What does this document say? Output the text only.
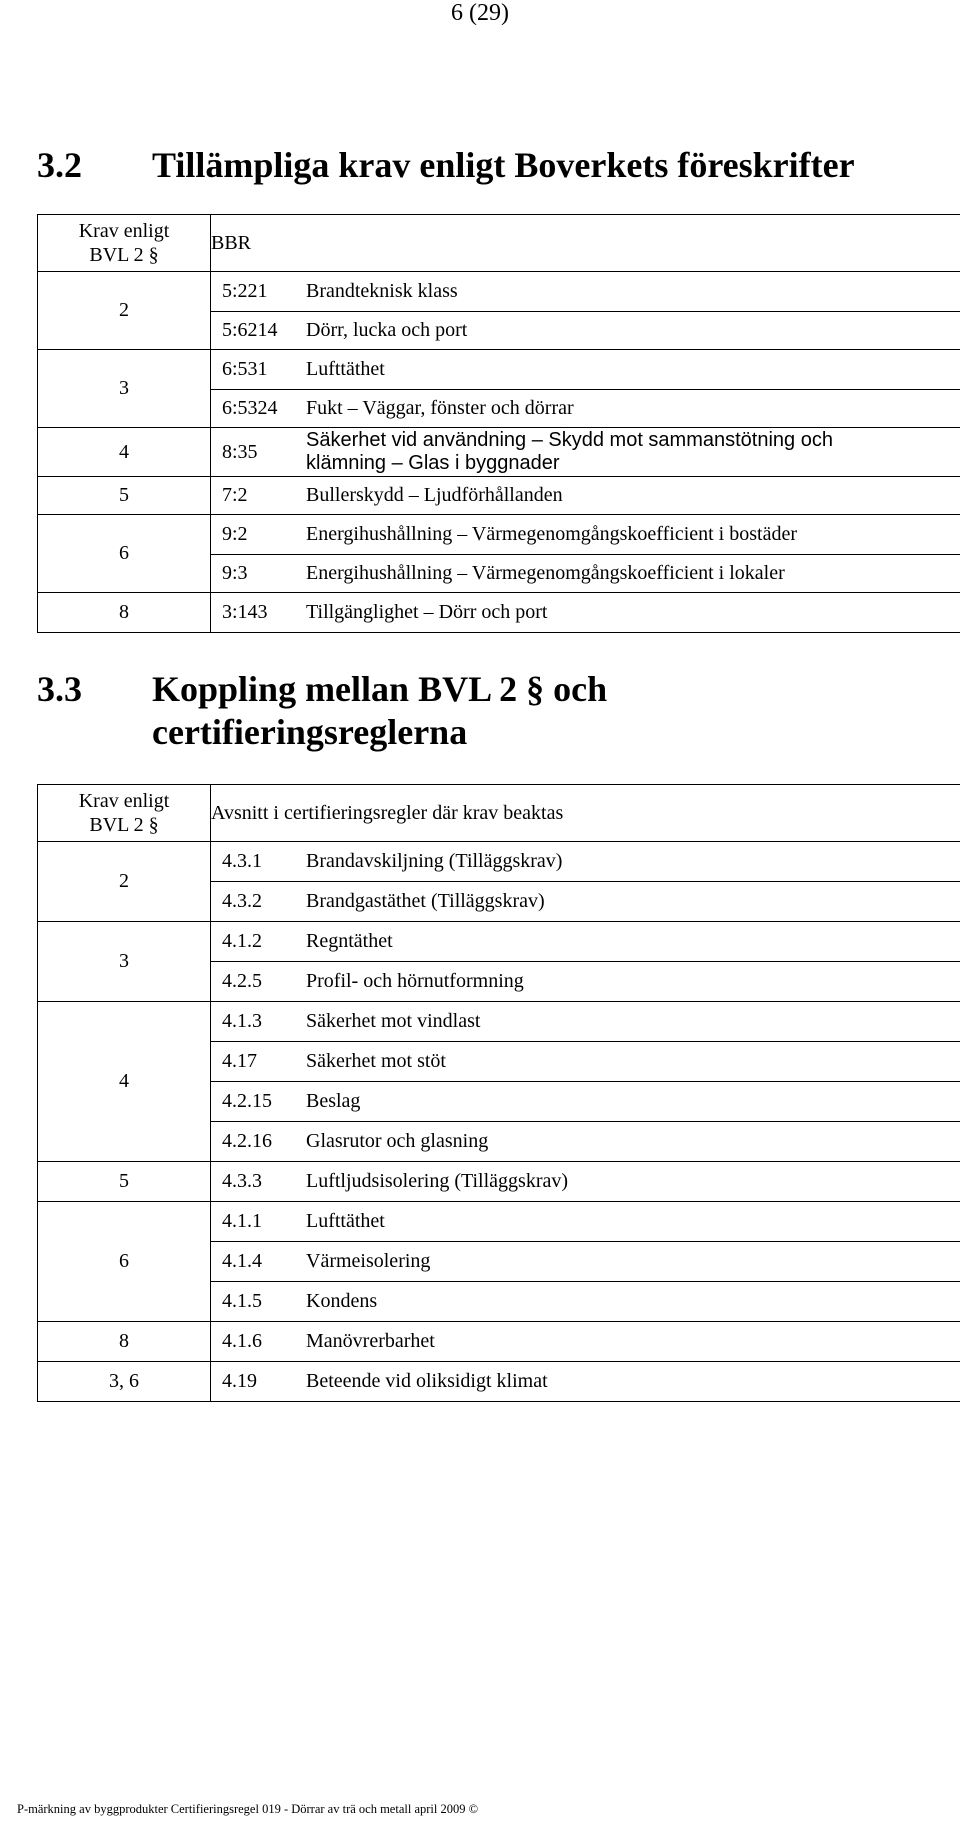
6 (29)
3.2 Tillämpliga krav enligt Boverkets föreskrifter
Krav enligt
BVL 2 §	BBR
2	5:221 Brandteknisk klass

	5:6214 Dörr, lucka och port

3	6:531 Lufttäthet

	6:5324 Fukt – Väggar, fönster och dörrar

4	8:35
Säkerhet vid användning – Skydd mot sammanstötning och
klämning – Glas i byggnader

5	7:2 Bullerskydd – Ljudförhållanden

6	9:2 Energihushållning – Värmegenomgångskoefficient i bostäder

	9:3 Energihushållning – Värmegenomgångskoefficient i lokaler

8	3:143 Tillgänglighet – Dörr och port
3.3 Koppling mellan BVL 2 § och
certifieringsreglerna
Krav enligt
BVL 2 §	Avsnitt i certifieringsregler där krav beaktas
2	4.3.1 Brandavskiljning (Tilläggskrav)

	4.3.2 Brandgastäthet (Tilläggskrav)

3	4.1.2 Regntäthet

	4.2.5 Profil- och hörnutformning

4	4.1.3 Säkerhet mot vindlast

	4.17 Säkerhet mot stöt

	4.2.15 Beslag

	4.2.16 Glasrutor och glasning

5	4.3.3 Luftljudsisolering (Tilläggskrav)

6	4.1.1 Lufttäthet

	4.1.4 Värmeisolering

	4.1.5 Kondens

8	4.1.6 Manövrerbarhet

3, 6	4.19 Beteende vid oliksidigt klimat
P-märkning av byggprodukter Certifieringsregel 019 - Dörrar av trä och metall april 2009 ©
